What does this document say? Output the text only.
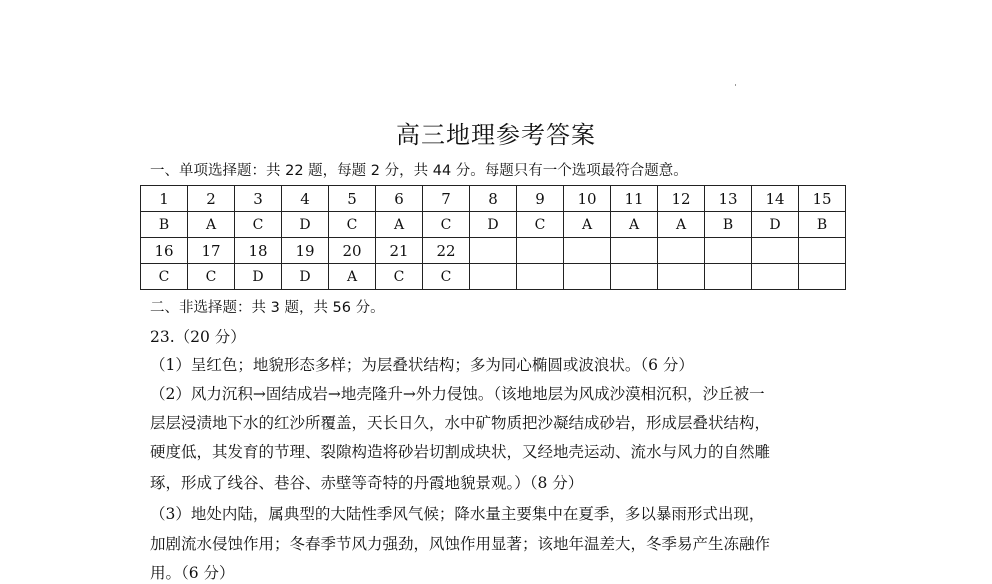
高三地理参考答案
一、单项选择题：共 22 题，每题 2 分，共 44 分。每题只有一个选项最符合题意。
1	2	3	4	5	6	7	8	9	10	11	12	13	14	15
B	A	C	D	C	A	C	D	C	A	A	A	B	D	B
16	17	18	19	20	21	22								
C	C	D	D	A	C	C								
二、非选择题：共 3 题，共 56 分。
23.（20 分）
（1）呈红色；地貌形态多样；为层叠状结构；多为同心椭圆或波浪状。（6 分）
（2）风力沉积→固结成岩→地壳隆升→外力侵蚀。（该地地层为风成沙漠相沉积，沙丘被一
层层浸渍地下水的红沙所覆盖，天长日久，水中矿物质把沙凝结成砂岩，形成层叠状结构，
硬度低，其发育的节理、裂隙构造将砂岩切割成块状，又经地壳运动、流水与风力的自然雕
琢，形成了线谷、巷谷、赤壁等奇特的丹霞地貌景观。）（8 分）
（3）地处内陆，属典型的大陆性季风气候；降水量主要集中在夏季，多以暴雨形式出现，
加剧流水侵蚀作用；冬春季节风力强劲，风蚀作用显著；该地年温差大，冬季易产生冻融作
用。（6 分）
